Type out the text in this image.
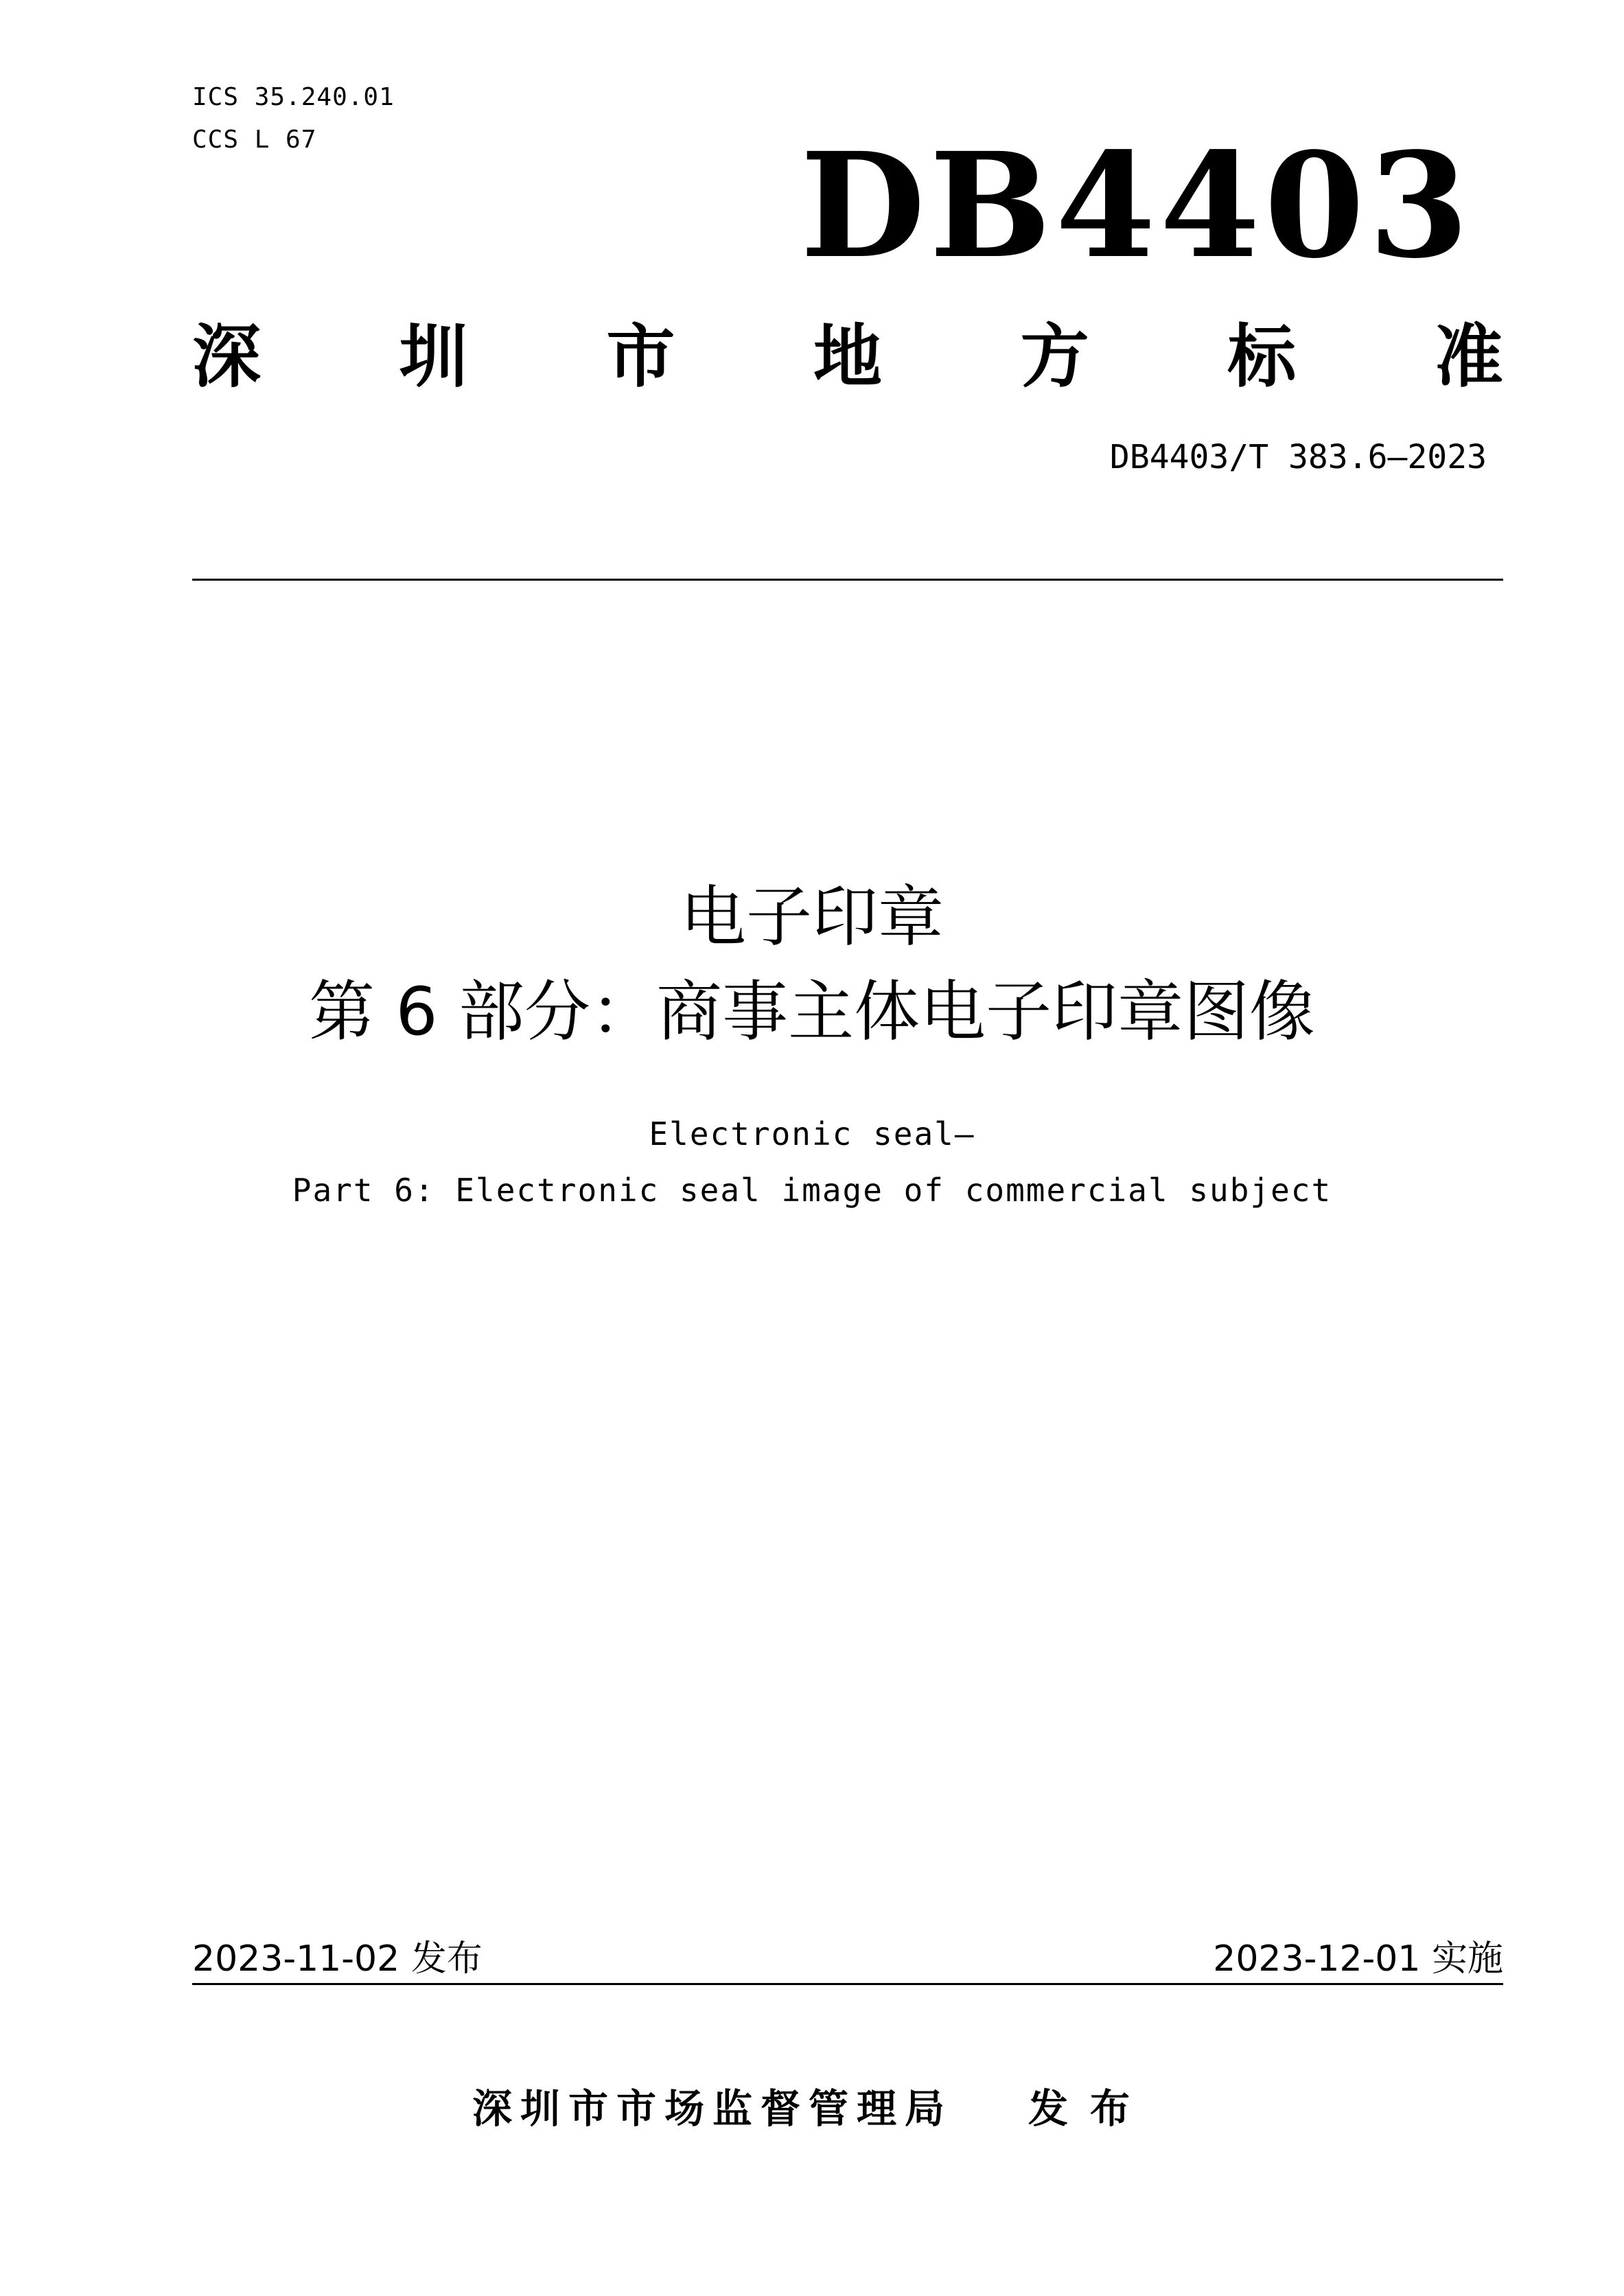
ICS 35.240.01
CCS L 67	DB4403
深 圳 市 地 方 标 准
DB4403/T 383.6—2023
电子印章
第 6 部分：商事主体电子印章图像
Electronic seal—
Part 6: Electronic seal image of commercial subject
2023-11-02 发布	2023-12-01 实施
深圳市市场监督管理局 发布
